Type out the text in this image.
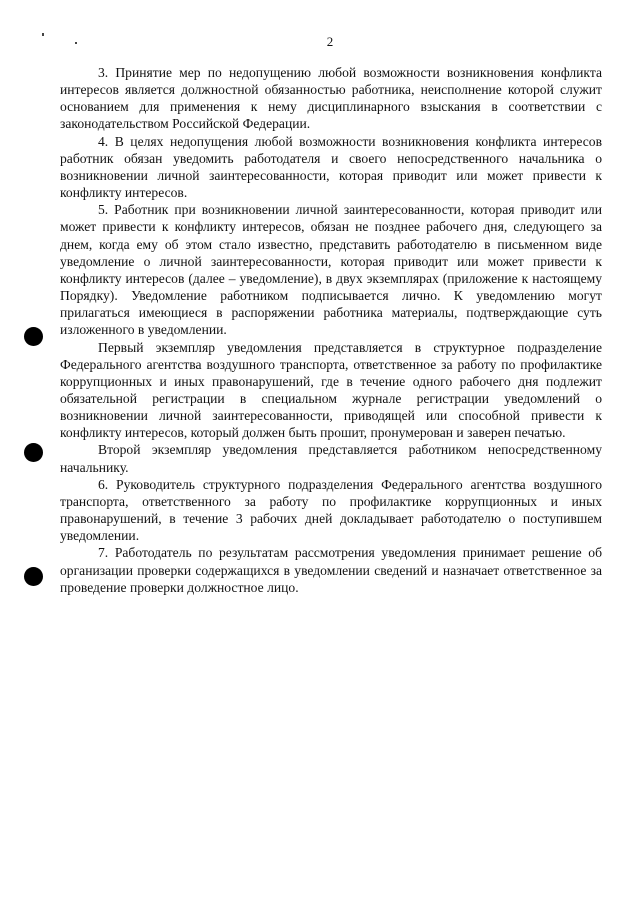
2

3. Принятие мер по недопущению любой возможности возникновения конфликта интересов является должностной обязанностью работника, неисполнение которой служит основанием для применения к нему дисциплинарного взыскания в соответствии с законодательством Российской Федерации.

4. В целях недопущения любой возможности возникновения конфликта интересов работник обязан уведомить работодателя и своего непосредственного начальника о возникновении личной заинтересованности, которая приводит или может привести к конфликту интересов.

5. Работник при возникновении личной заинтересованности, которая приводит или может привести к конфликту интересов, обязан не позднее рабочего дня, следующего за днем, когда ему об этом стало известно, представить работодателю в письменном виде уведомление о личной заинтересованности, которая приводит или может привести к конфликту интересов (далее – уведомление), в двух экземплярах (приложение к настоящему Порядку). Уведомление работником подписывается лично. К уведомлению могут прилагаться имеющиеся в распоряжении работника материалы, подтверждающие суть изложенного в уведомлении.

Первый экземпляр уведомления представляется в структурное подразделение Федерального агентства воздушного транспорта, ответственное за работу по профилактике коррупционных и иных правонарушений, где в течение одного рабочего дня подлежит обязательной регистрации в специальном журнале регистрации уведомлений о возникновении личной заинтересованности, приводящей или способной привести к конфликту интересов, который должен быть прошит, пронумерован и заверен печатью.

Второй экземпляр уведомления представляется работником непосредственному начальнику.

6. Руководитель структурного подразделения Федерального агентства воздушного транспорта, ответственного за работу по профилактике коррупционных и иных правонарушений, в течение 3 рабочих дней докладывает работодателю о поступившем уведомлении.

7. Работодатель по результатам рассмотрения уведомления принимает решение об организации проверки содержащихся в уведомлении сведений и назначает ответственное за проведение проверки должностное лицо.
